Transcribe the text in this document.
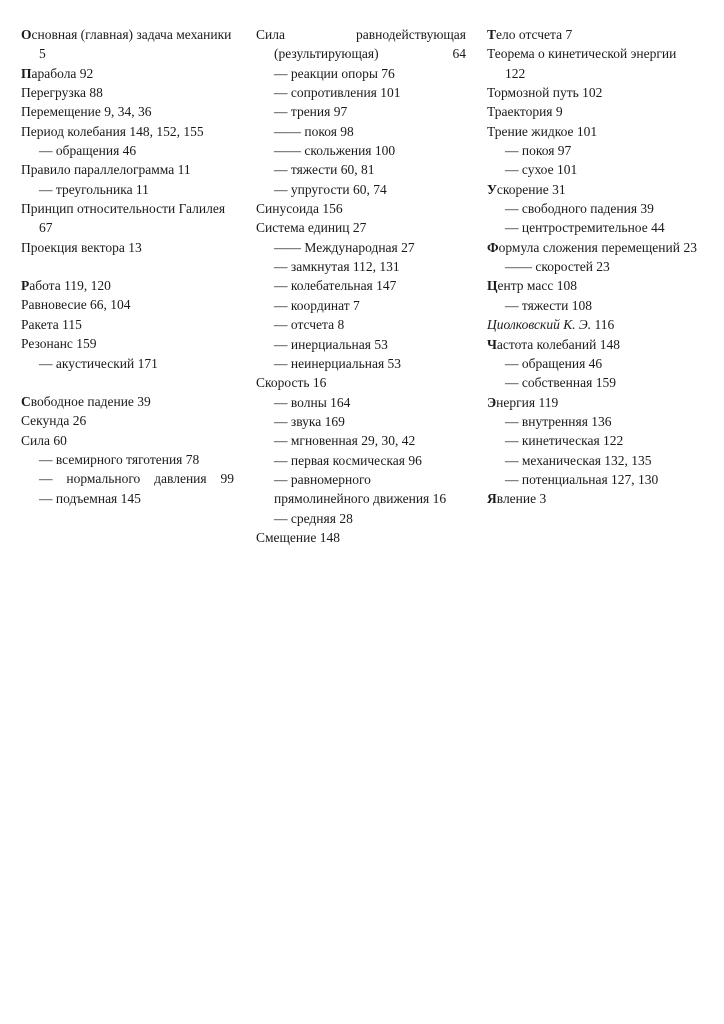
Основная (главная) задача механики 5
Парабола 92
Перегрузка 88
Перемещение 9, 34, 36
Период колебания 148, 152, 155
— обращения 46
Правило параллелограмма 11
— треугольника 11
Принцип относительности Галилея 67
Проекция вектора 13
Работа 119, 120
Равновесие 66, 104
Ракета 115
Резонанс 159
— акустический 171
Свободное падение 39
Секунда 26
Сила 60
— всемирного тяготения 78
— нормального давления 99
— подъемная 145
Сила равнодействующая (результирующая) 64
— реакции опоры 76
— сопротивления 101
— трения 97
—— покоя 98
—— скольжения 100
— тяжести 60, 81
— упругости 60, 74
Синусоида 156
Система единиц 27
—— Международная 27
— замкнутая 112, 131
— колебательная 147
— координат 7
— отсчета 8
— инерциальная 53
— неинерциальная 53
Скорость 16
— волны 164
— звука 169
— мгновенная 29, 30, 42
— первая космическая 96
— равномерного прямолинейного движения 16
— средняя 28
Смещение 148
Тело отсчета 7
Теорема о кинетической энергии 122
Тормозной путь 102
Траектория 9
Трение жидкое 101
— покоя 97
— сухое 101
Ускорение 31
— свободного падения 39
— центростремительное 44
Формула сложения перемещений 23
—— скоростей 23
Центр масс 108
— тяжести 108
Циолковский К. Э. 116
Частота колебаний 148
— обращения 46
— собственная 159
Энергия 119
— внутренняя 136
— кинетическая 122
— механическая 132, 135
— потенциальная 127, 130
Явление 3
